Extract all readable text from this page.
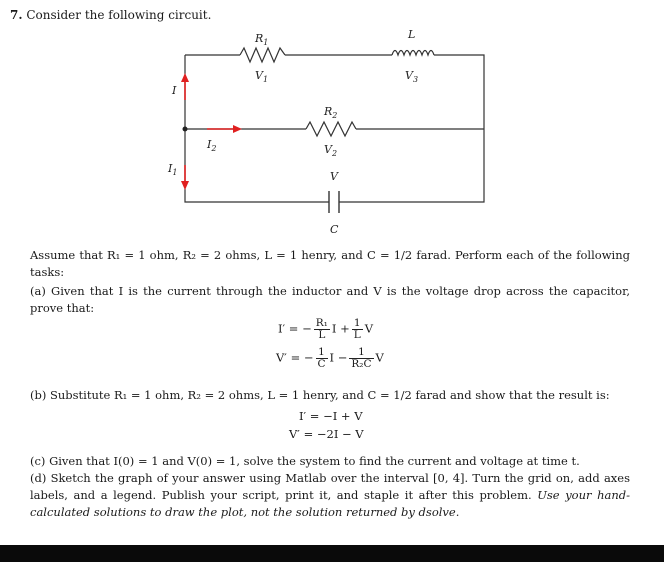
7. Consider the following circuit.
$R_1$
$V_1$
L
$V_3$
$R_2$
$V_2$
V
C
I
$I_1$
$I_2$
Assume that R₁ = 1 ohm, R₂ = 2 ohms, L = 1 henry, and C = 1/2 farad. Perform each of the following tasks:
(a) Given that I is the current through the inductor and V is the voltage drop across the capacitor, prove that:
I′ = − $\frac{\text{R₁}}{L}$ $I + \frac{1}{L}$ V
V′ = − $\frac{1}{C}$ $I - \frac{1}{\text{R₂C}}$ V
(b) Substitute R₁ = 1 ohm, R₂ = 2 ohms, L = 1 henry, and C = 1/2 farad and show that the result is:
I′ = −I + V
V′ = −2I − V
(c) Given that I(0) = 1 and V(0) = 1, solve the system to find the current and voltage at time t.
(d) Sketch the graph of your answer using Matlab over the interval [0, 4]. Turn the grid on, add axes labels, and a legend. Publish your script, print it, and staple it after this problem. Use your hand-calculated solutions to draw the plot, not the solution returned by dsolve.
